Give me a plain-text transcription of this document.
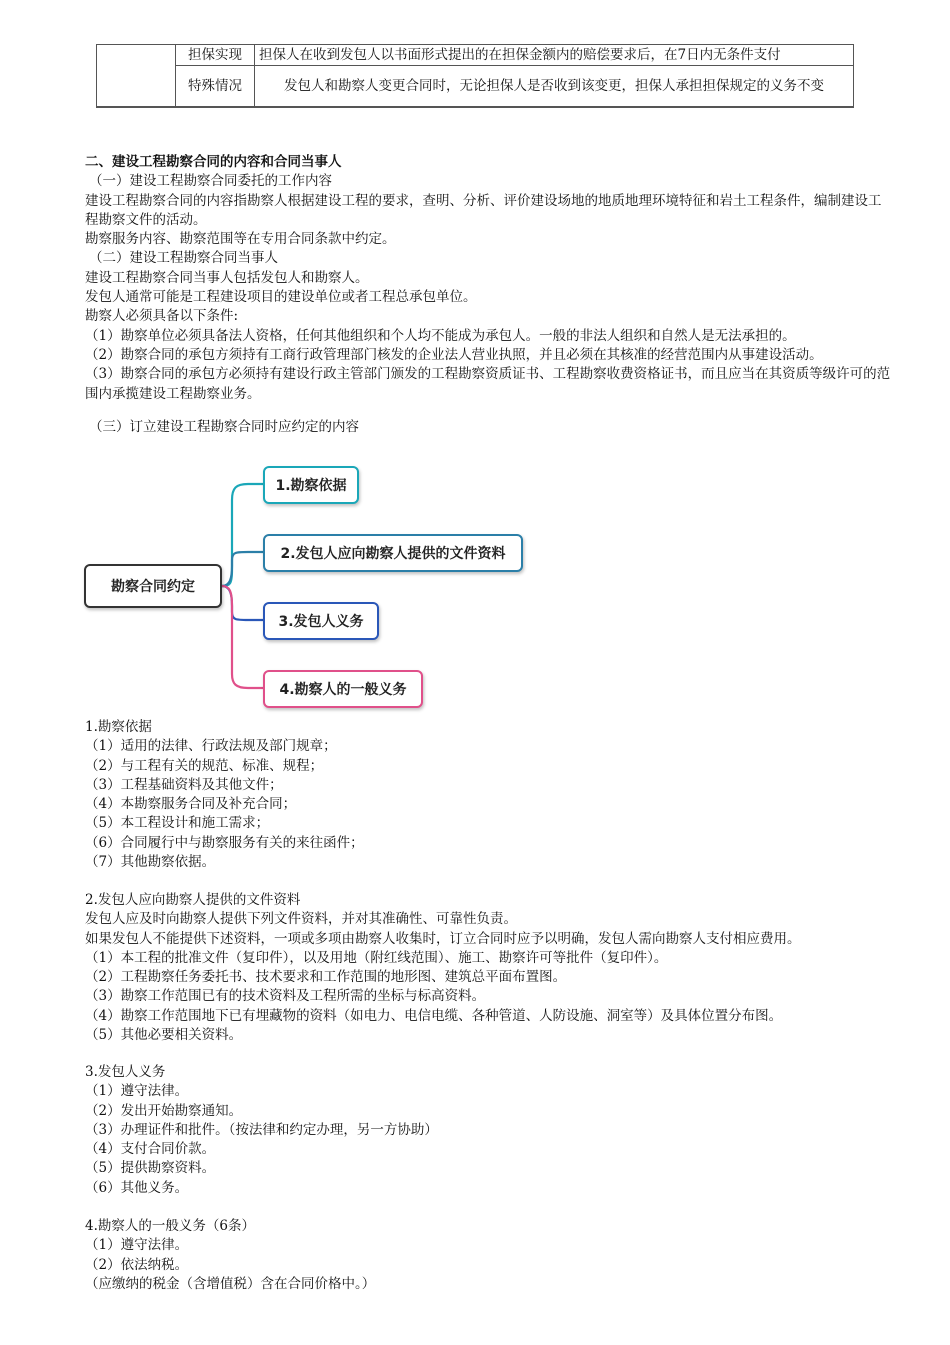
	担保实现	担保人在收到发包人以书面形式提出的在担保金额内的赔偿要求后，在7日内无条件支付
	特殊情况	发包人和勘察人变更合同时，无论担保人是否收到该变更，担保人承担担保规定的义务不变

二、建设工程勘察合同的内容和合同当事人

（一）建设工程勘察合同委托的工作内容

建设工程勘察合同的内容指勘察人根据建设工程的要求，查明、分析、评价建设场地的地质地理环境特征和岩土工程条件，编制建设工程勘察文件的活动。

勘察服务内容、勘察范围等在专用合同条款中约定。

（二）建设工程勘察合同当事人

建设工程勘察合同当事人包括发包人和勘察人。

发包人通常可能是工程建设项目的建设单位或者工程总承包单位。

勘察人必须具备以下条件:

（1）勘察单位必须具备法人资格，任何其他组织和个人均不能成为承包人。一般的非法人组织和自然人是无法承担的。

（2）勘察合同的承包方须持有工商行政管理部门核发的企业法人营业执照，并且必须在其核准的经营范围内从事建设活动。

（3）勘察合同的承包方必须持有建设行政主管部门颁发的工程勘察资质证书、工程勘察收费资格证书，而且应当在其资质等级许可的范围内承揽建设工程勘察业务。

（三）订立建设工程勘察合同时应约定的内容

勘察合同约定
1.勘察依据
2.发包人应向勘察人提供的文件资料
3.发包人义务
4.勘察人的一般义务

1.勘察依据

（1）适用的法律、行政法规及部门规章；

（2）与工程有关的规范、标准、规程；

（3）工程基础资料及其他文件；

（4）本勘察服务合同及补充合同；

（5）本工程设计和施工需求；

（6）合同履行中与勘察服务有关的来往函件；

（7）其他勘察依据。

2.发包人应向勘察人提供的文件资料

发包人应及时向勘察人提供下列文件资料，并对其准确性、可靠性负责。

如果发包人不能提供下述资料，一项或多项由勘察人收集时，订立合同时应予以明确，发包人需向勘察人支付相应费用。

（1）本工程的批准文件（复印件），以及用地（附红线范围）、施工、勘察许可等批件（复印件）。

（2）工程勘察任务委托书、技术要求和工作范围的地形图、建筑总平面布置图。

（3）勘察工作范围已有的技术资料及工程所需的坐标与标高资料。

（4）勘察工作范围地下已有埋藏物的资料（如电力、电信电缆、各种管道、人防设施、洞室等）及具体位置分布图。

（5）其他必要相关资料。

3.发包人义务

（1）遵守法律。

（2）发出开始勘察通知。

（3）办理证件和批件。（按法律和约定办理，另一方协助）

（4）支付合同价款。

（5）提供勘察资料。

（6）其他义务。

4.勘察人的一般义务（6条）

（1）遵守法律。

（2）依法纳税。

（应缴纳的税金（含增值税）含在合同价格中。）
